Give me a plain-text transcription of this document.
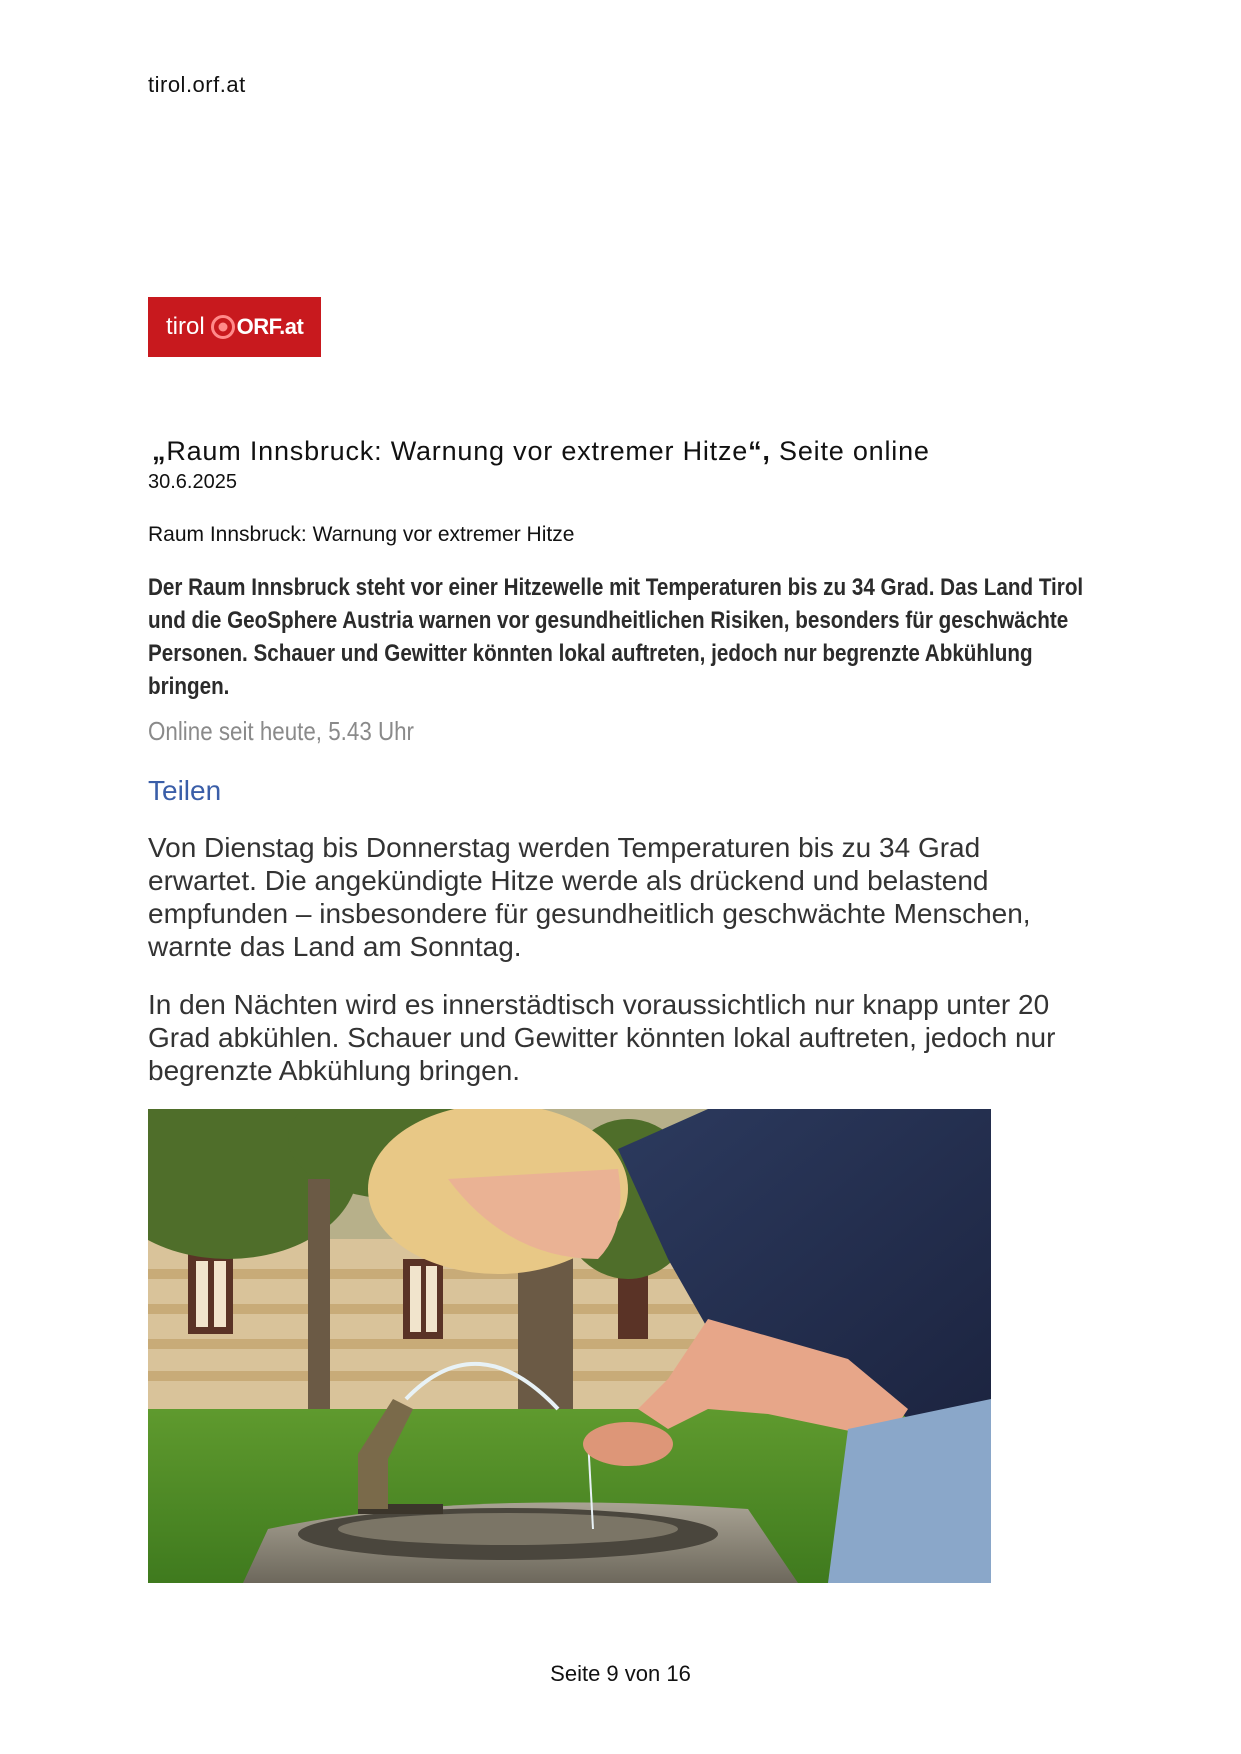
tirol.orf.at
tirol ORF.at
„Raum Innsbruck: Warnung vor extremer Hitze“, Seite online
30.6.2025
Raum Innsbruck: Warnung vor extremer Hitze
Der Raum Innsbruck steht vor einer Hitzewelle mit Temperaturen bis zu 34 Grad. Das Land Tirol und die GeoSphere Austria warnen vor gesundheitlichen Risiken, besonders für geschwächte Personen. Schauer und Gewitter könnten lokal auftreten, jedoch nur begrenzte Abkühlung bringen.
Online seit heute, 5.43 Uhr
Teilen
Von Dienstag bis Donnerstag werden Temperaturen bis zu 34 Grad erwartet. Die angekündigte Hitze werde als drückend und belastend empfunden – insbesondere für gesundheitlich geschwächte Menschen, warnte das Land am Sonntag.
In den Nächten wird es innerstädtisch voraussichtlich nur knapp unter 20 Grad abkühlen. Schauer und Gewitter könnten lokal auftreten, jedoch nur begrenzte Abkühlung bringen.
Seite 9 von 16
